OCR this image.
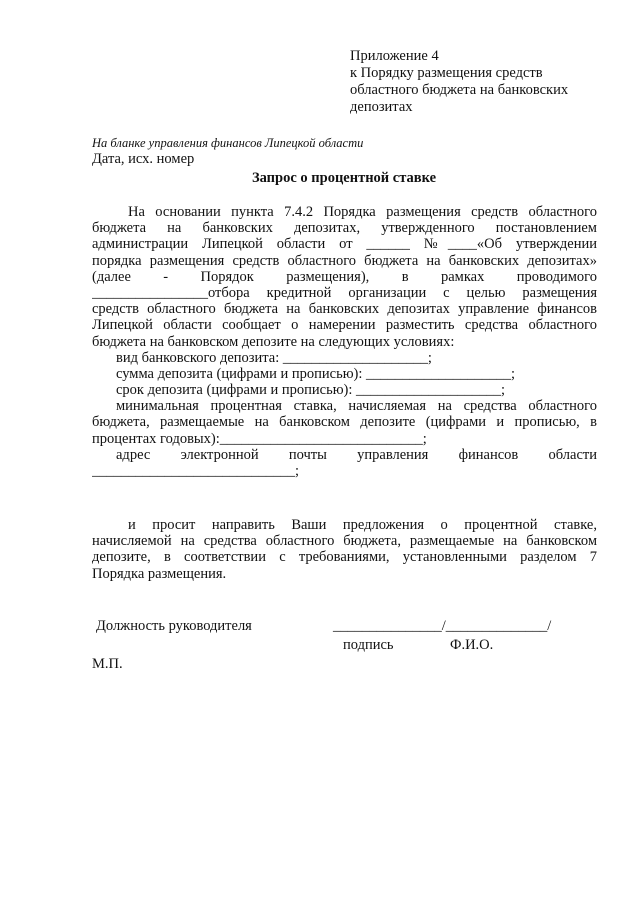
Приложение 4
к Порядку размещения средств
областного бюджета на банковских
депозитах
На бланке управления финансов Липецкой области
Дата, исх. номер
Запрос о процентной ставке
На основании пункта 7.4.2 Порядка размещения средств областного
бюджета на банковских депозитах, утвержденного постановлением
администрации Липецкой области от ______ №____«Об утверждении
порядка размещения средств областного бюджета на банковских депозитах»
(далее - Порядок размещения), в рамках проводимого
________________отбора кредитной организации с целью размещения
средств областного бюджета на банковских депозитах управление финансов
Липецкой области сообщает о намерении разместить средства областного
бюджета на банковском депозите на следующих условиях:
вид банковского депозита: ____________________;
сумма депозита (цифрами и прописью): ____________________;
срок депозита (цифрами и прописью): ____________________;
минимальная процентная ставка, начисляемая на средства областного
бюджета, размещаемые на банковском депозите (цифрами и прописью, в
процентах годовых):____________________________;
адрес электронной почты управления финансов области
____________________________;
и просит направить Ваши предложения о процентной ставке,
начисляемой на средства областного бюджета, размещаемые на банковском
депозите, в соответствии с требованиями, установленными разделом 7
Порядка размещения.
Должность руководителя	_______________/______________/
подпись	Ф.И.О.
М.П.
